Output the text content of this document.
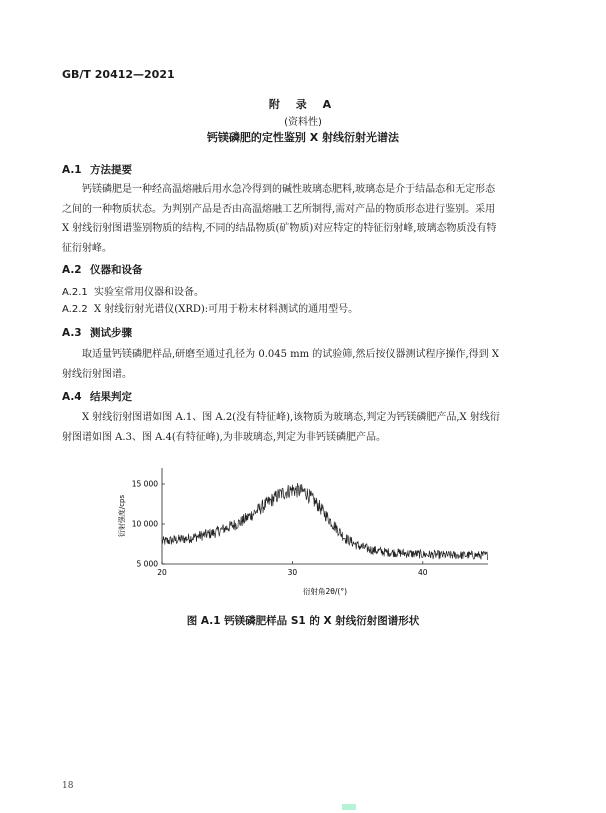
GB/T 20412—2021
附 录 A
(资料性)
钙镁磷肥的定性鉴别 X 射线衍射光谱法
A.1 方法提要
钙镁磷肥是一种经高温熔融后用水急冷得到的碱性玻璃态肥料,玻璃态是介于结晶态和无定形态
之间的一种物质状态。为判别产品是否由高温熔融工艺所制得,需对产品的物质形态进行鉴别。采用
X 射线衍射图谱鉴别物质的结构,不同的结晶物质(矿物质)对应特定的特征衍射峰,玻璃态物质没有特
征衍射峰。
A.2 仪器和设备
A.2.1 实验室常用仪器和设备。
A.2.2 X 射线衍射光谱仪(XRD):可用于粉末材料测试的通用型号。
A.3 测试步骤
取适量钙镁磷肥样品,研磨至通过孔径为 0.045 mm 的试验筛,然后按仪器测试程序操作,得到 X
射线衍射图谱。
A.4 结果判定
X 射线衍射图谱如图 A.1、图 A.2(没有特征峰),该物质为玻璃态,判定为钙镁磷肥产品,X 射线衍
射图谱如图 A.3、图 A.4(有特征峰),为非玻璃态,判定为非钙镁磷肥产品。
20	30	40
5 000
10 000
15 000
衍射角2θ/(°)
衍射强度/cps
图 A.1 钙镁磷肥样品 S1 的 X 射线衍射图谱形状
18
